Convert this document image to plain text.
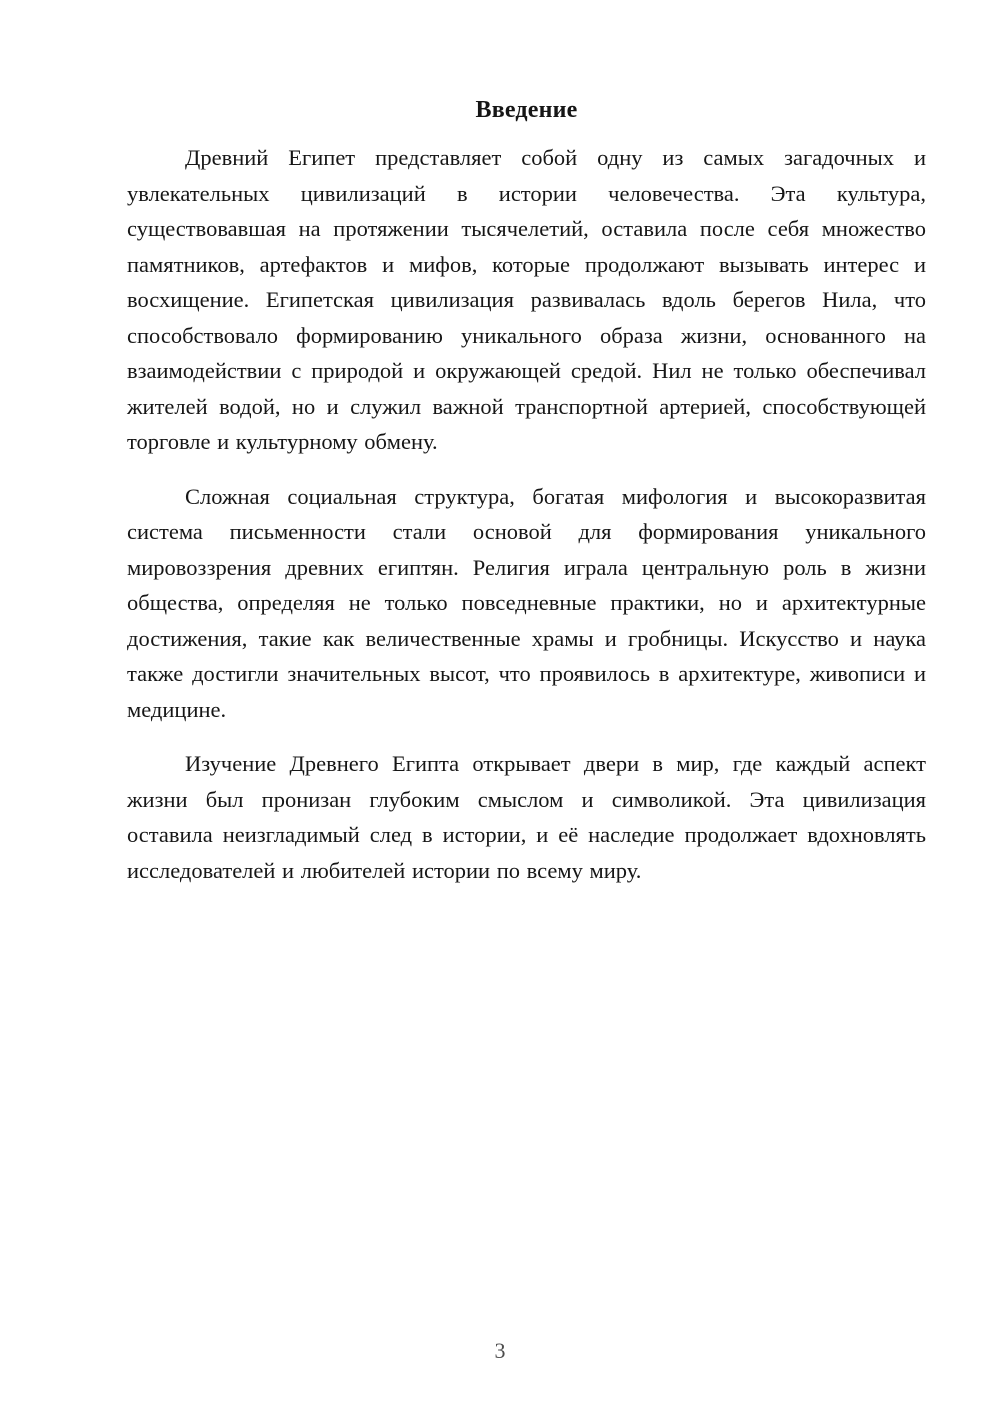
Введение

Древний Египет представляет собой одну из самых загадочных и увлекательных цивилизаций в истории человечества. Эта культура, существовавшая на протяжении тысячелетий, оставила после себя множество памятников, артефактов и мифов, которые продолжают вызывать интерес и восхищение. Египетская цивилизация развивалась вдоль берегов Нила, что способствовало формированию уникального образа жизни, основанного на взаимодействии с природой и окружающей средой. Нил не только обеспечивал жителей водой, но и служил важной транспортной артерией, способствующей торговле и культурному обмену.

Сложная социальная структура, богатая мифология и высокоразвитая система письменности стали основой для формирования уникального мировоззрения древних египтян. Религия играла центральную роль в жизни общества, определяя не только повседневные практики, но и архитектурные достижения, такие как величественные храмы и гробницы. Искусство и наука также достигли значительных высот, что проявилось в архитектуре, живописи и медицине.

Изучение Древнего Египта открывает двери в мир, где каждый аспект жизни был пронизан глубоким смыслом и символикой. Эта цивилизация оставила неизгладимый след в истории, и её наследие продолжает вдохновлять исследователей и любителей истории по всему миру.

3
